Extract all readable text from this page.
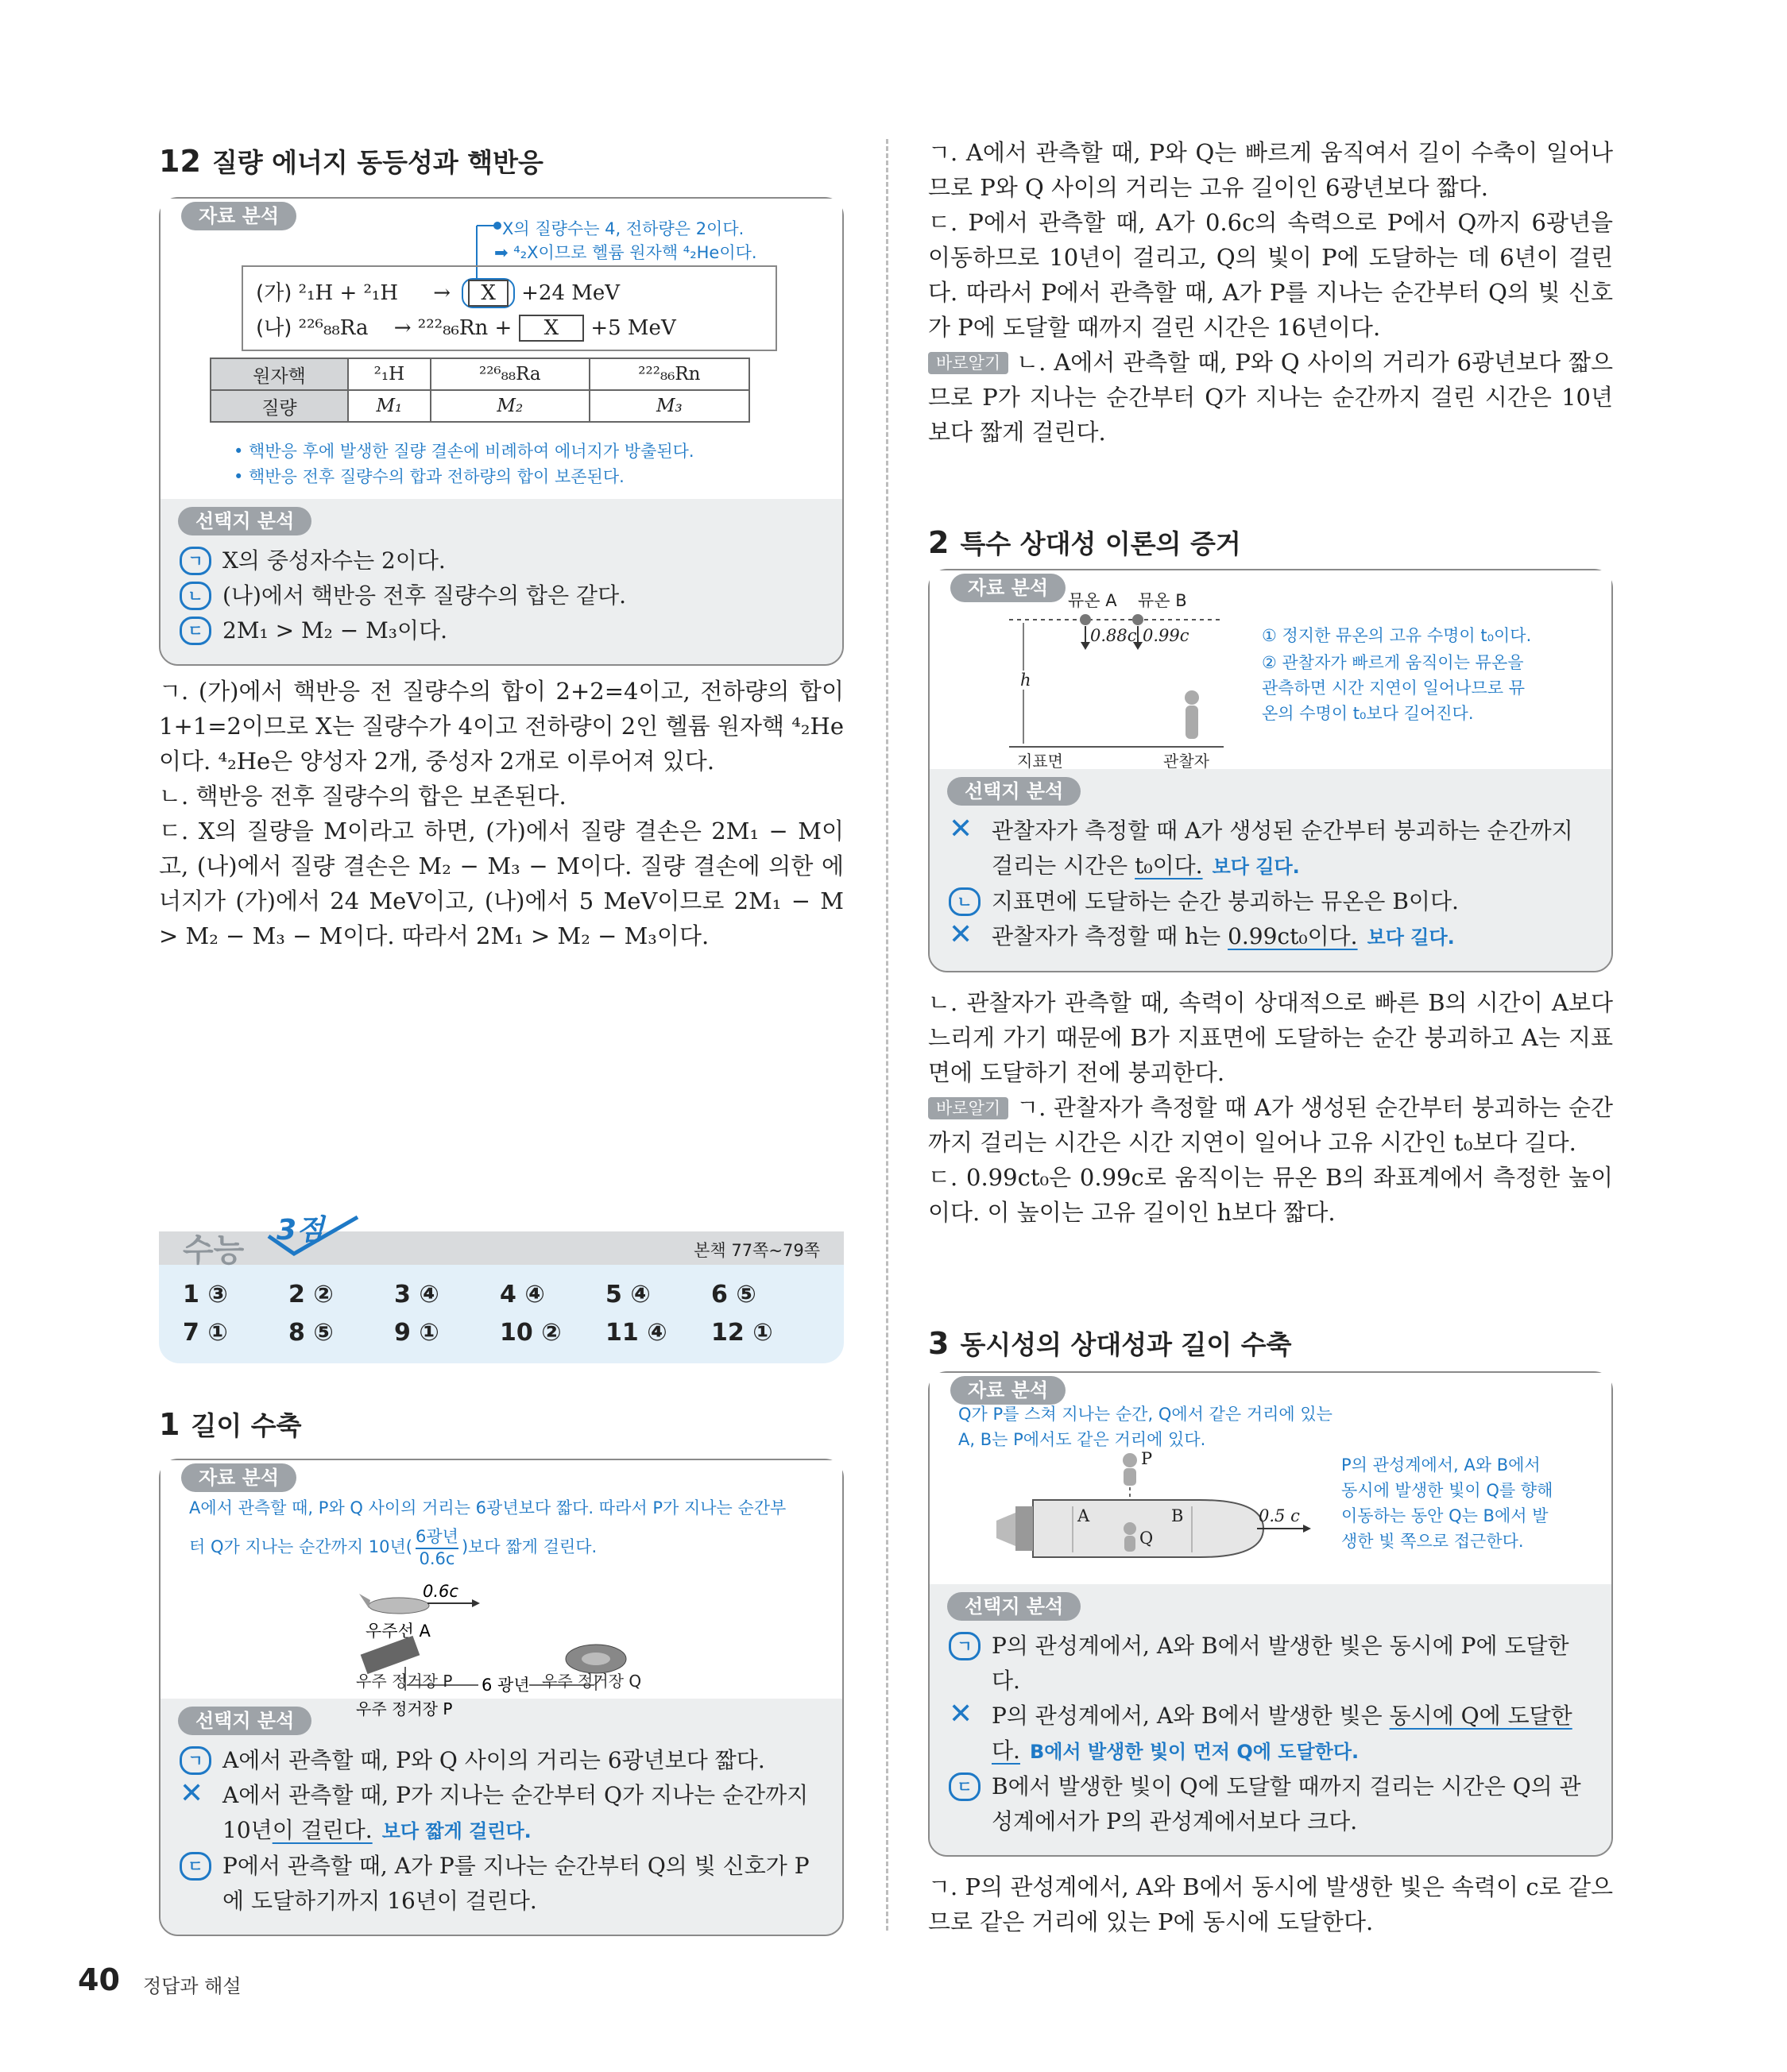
12 질량 에너지 동등성과 핵반응
자료 분석
X의 질량수는 4, 전하량은 2이다.
➡ ⁴₂X이므로 헬륨 원자핵 ⁴₂He이다.
(가) ²₁H + ²₁H → X +24 MeV
(나) ²²⁶₈₈Ra → ²²²₈₆Rn + X +5 MeV
원자핵	²₁H	²²⁶₈₈Ra	²²²₈₆Rn
질량	M₁	M₂	M₃
• 핵반응 후에 발생한 질량 결손에 비례하여 에너지가 방출된다.
• 핵반응 전후 질량수의 합과 전하량의 합이 보존된다.
선택지 분석
ㄱ X의 중성자수는 2이다.
ㄴ (나)에서 핵반응 전후 질량수의 합은 같다.
ㄷ 2M₁ > M₂ − M₃이다.

ㄱ. (가)에서 핵반응 전 질량수의 합이 2+2=4이고, 전하량의 합이 1+1=2이므로 X는 질량수가 4이고 전하량이 2인 헬륨 원자핵 ⁴₂He이다. ⁴₂He은 양성자 2개, 중성자 2개로 이루어져 있다.

ㄴ. 핵반응 전후 질량수의 합은 보존된다.

ㄷ. X의 질량을 M이라고 하면, (가)에서 질량 결손은 2M₁ − M이고, (나)에서 질량 결손은 M₂ − M₃ − M이다. 질량 결손에 의한 에너지가 (가)에서 24 MeV이고, (나)에서 5 MeV이므로 2M₁ − M > M₂ − M₃ − M이다. 따라서 2M₁ > M₂ − M₃이다.

수능
3점
본책 77쪽~79쪽
1 ③	2 ②	3 ④	4 ④	5 ④	6 ⑤
7 ①	8 ⑤	9 ①	10 ②	11 ④	12 ①
1 길이 수축
자료 분석
A에서 관측할 때, P와 Q 사이의 거리는 6광년보다 짧다. 따라서 P가 지나는 순간부
터 Q가 지나는 순간까지 10년(
6광년
0.6c
)보다 짧게 걸린다.
0.6c
우주선 A
6 광년
우주 정거장 P
우주 정거장 P	우주 정거장 Q
선택지 분석
ㄱ A에서 관측할 때, P와 Q 사이의 거리는 6광년보다 짧다.
✕ A에서 관측할 때, P가 지나는 순간부터 Q가 지나는 순간까지 10년이 걸린다. 보다 짧게 걸린다.
ㄷ P에서 관측할 때, A가 P를 지나는 순간부터 Q의 빛 신호가 P에 도달하기까지 16년이 걸린다.

ㄱ. A에서 관측할 때, P와 Q는 빠르게 움직여서 길이 수축이 일어나므로 P와 Q 사이의 거리는 고유 길이인 6광년보다 짧다.

ㄷ. P에서 관측할 때, A가 0.6c의 속력으로 P에서 Q까지 6광년을 이동하므로 10년이 걸리고, Q의 빛이 P에 도달하는 데 6년이 걸린다. 따라서 P에서 관측할 때, A가 P를 지나는 순간부터 Q의 빛 신호가 P에 도달할 때까지 걸린 시간은 16년이다.

바로알기 ㄴ. A에서 관측할 때, P와 Q 사이의 거리가 6광년보다 짧으므로 P가 지나는 순간부터 Q가 지나는 순간까지 걸린 시간은 10년보다 짧게 걸린다.

2 특수 상대성 이론의 증거
자료 분석
뮤온 A 뮤온 B
0.88c 0.99c
h
지표면	관찰자
① 정지한 뮤온의 고유 수명이 t₀이다.
② 관찰자가 빠르게 움직이는 뮤온을
관측하면 시간 지연이 일어나므로 뮤
온의 수명이 t₀보다 길어진다.
선택지 분석
✕ 관찰자가 측정할 때 A가 생성된 순간부터 붕괴하는 순간까지 걸리는 시간은 t₀이다. 보다 길다.
ㄴ 지표면에 도달하는 순간 붕괴하는 뮤온은 B이다.
✕ 관찰자가 측정할 때 h는 0.99ct₀이다. 보다 길다.

ㄴ. 관찰자가 관측할 때, 속력이 상대적으로 빠른 B의 시간이 A보다 느리게 가기 때문에 B가 지표면에 도달하는 순간 붕괴하고 A는 지표면에 도달하기 전에 붕괴한다.

바로알기 ㄱ. 관찰자가 측정할 때 A가 생성된 순간부터 붕괴하는 순간까지 걸리는 시간은 시간 지연이 일어나 고유 시간인 t₀보다 길다.

ㄷ. 0.99ct₀은 0.99c로 움직이는 뮤온 B의 좌표계에서 측정한 높이이다. 이 높이는 고유 길이인 h보다 짧다.

3 동시성의 상대성과 길이 수축
자료 분석
Q가 P를 스쳐 지나는 순간, Q에서 같은 거리에 있는
A, B는 P에서도 같은 거리에 있다.
P
Q
A	B	0.5 c
P의 관성계에서, A와 B에서
동시에 발생한 빛이 Q를 향해
이동하는 동안 Q는 B에서 발
생한 빛 쪽으로 접근한다.
선택지 분석
ㄱ P의 관성계에서, A와 B에서 발생한 빛은 동시에 P에 도달한다.
✕ P의 관성계에서, A와 B에서 발생한 빛은 동시에 Q에 도달한다. B에서 발생한 빛이 먼저 Q에 도달한다.
ㄷ B에서 발생한 빛이 Q에 도달할 때까지 걸리는 시간은 Q의 관성계에서가 P의 관성계에서보다 크다.

ㄱ. P의 관성계에서, A와 B에서 동시에 발생한 빛은 속력이 c로 같으므로 같은 거리에 있는 P에 동시에 도달한다.

40 정답과 해설
